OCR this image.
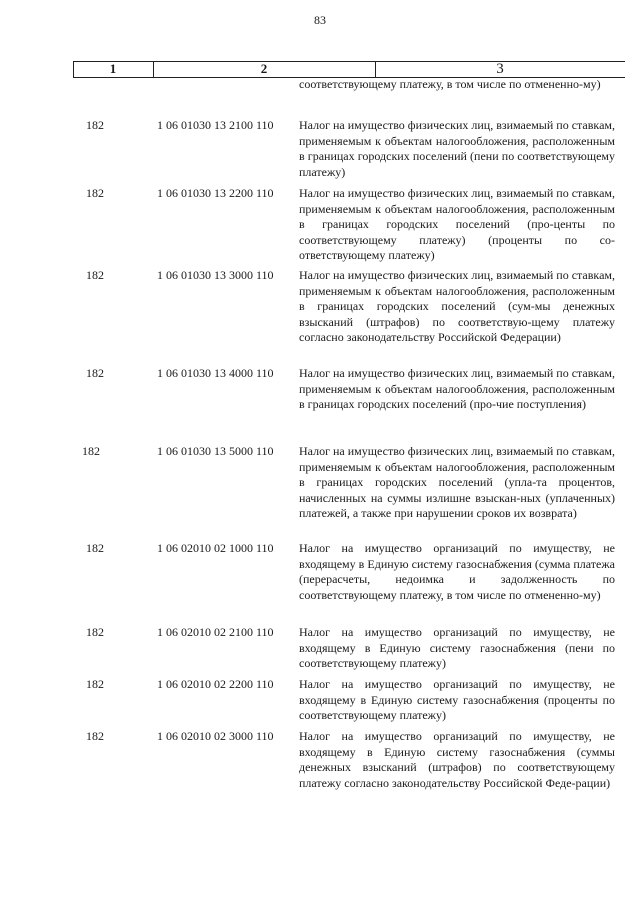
83
1	2	3
соответствующему платежу, в том числе по отмененно-му)
182	1 06 01030 13 2100 110 Налог на имущество физических лиц, взимаемый по ставкам, применяемым к объектам налогообложения, расположенным в границах городских поселений (пени по соответствующему платежу)
182	1 06 01030 13 2200 110 Налог на имущество физических лиц, взимаемый по ставкам, применяемым к объектам налогообложения, расположенным в границах городских поселений (про-центы по соответствующему платежу) (проценты по со-ответствующему платежу)
182	1 06 01030 13 3000 110 Налог на имущество физических лиц, взимаемый по ставкам, применяемым к объектам налогообложения, расположенным в границах городских поселений (сум-мы денежных взысканий (штрафов) по соответствую-щему платежу согласно законодательству Российской Федерации)
182	1 06 01030 13 4000 110 Налог на имущество физических лиц, взимаемый по ставкам, применяемым к объектам налогообложения, расположенным в границах городских поселений (про-чие поступления)
182	1 06 01030 13 5000 110 Налог на имущество физических лиц, взимаемый по ставкам, применяемым к объектам налогообложения, расположенным в границах городских поселений (упла-та процентов, начисленных на суммы излишне взыскан-ных (уплаченных) платежей, а также при нарушении сроков их возврата)
182	1 06 02010 02 1000 110 Налог на имущество организаций по имуществу, не входящему в Единую систему газоснабжения (сумма платежа (перерасчеты, недоимка и задолженность по соответствующему платежу, в том числе по отмененно-му)
182	1 06 02010 02 2100 110 Налог на имущество организаций по имуществу, не входящему в Единую систему газоснабжения (пени по соответствующему платежу)
182	1 06 02010 02 2200 110 Налог на имущество организаций по имуществу, не входящему в Единую систему газоснабжения (проценты по соответствующему платежу)
182	1 06 02010 02 3000 110 Налог на имущество организаций по имуществу, не входящему в Единую систему газоснабжения (суммы денежных взысканий (штрафов) по соответствующему платежу согласно законодательству Российской Феде-рации)
